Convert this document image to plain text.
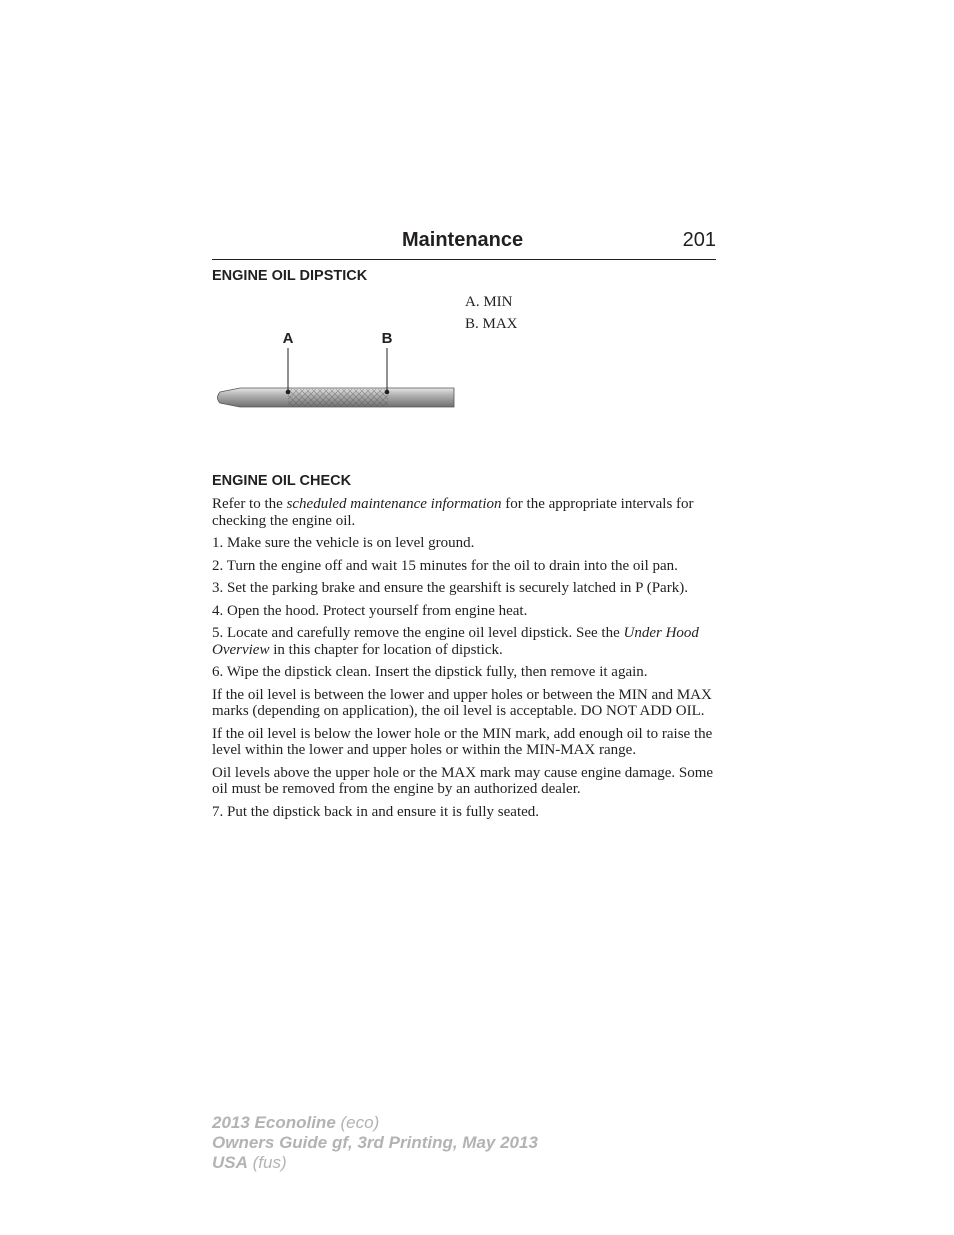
Maintenance	201
ENGINE OIL DIPSTICK
A. MIN
B. MAX
A	B
ENGINE OIL CHECK

Refer to the scheduled maintenance information for the appropriate intervals for checking the engine oil.

1. Make sure the vehicle is on level ground.

2. Turn the engine off and wait 15 minutes for the oil to drain into the oil pan.

3. Set the parking brake and ensure the gearshift is securely latched in P (Park).

4. Open the hood. Protect yourself from engine heat.

5. Locate and carefully remove the engine oil level dipstick. See the Under Hood Overview in this chapter for location of dipstick.

6. Wipe the dipstick clean. Insert the dipstick fully, then remove it again.

If the oil level is between the lower and upper holes or between the MIN and MAX marks (depending on application), the oil level is acceptable. DO NOT ADD OIL.

If the oil level is below the lower hole or the MIN mark, add enough oil to raise the level within the lower and upper holes or within the MIN-MAX range.

Oil levels above the upper hole or the MAX mark may cause engine damage. Some oil must be removed from the engine by an authorized dealer.

7. Put the dipstick back in and ensure it is fully seated.

2013 Econoline (eco)
Owners Guide gf, 3rd Printing, May 2013
USA (fus)
